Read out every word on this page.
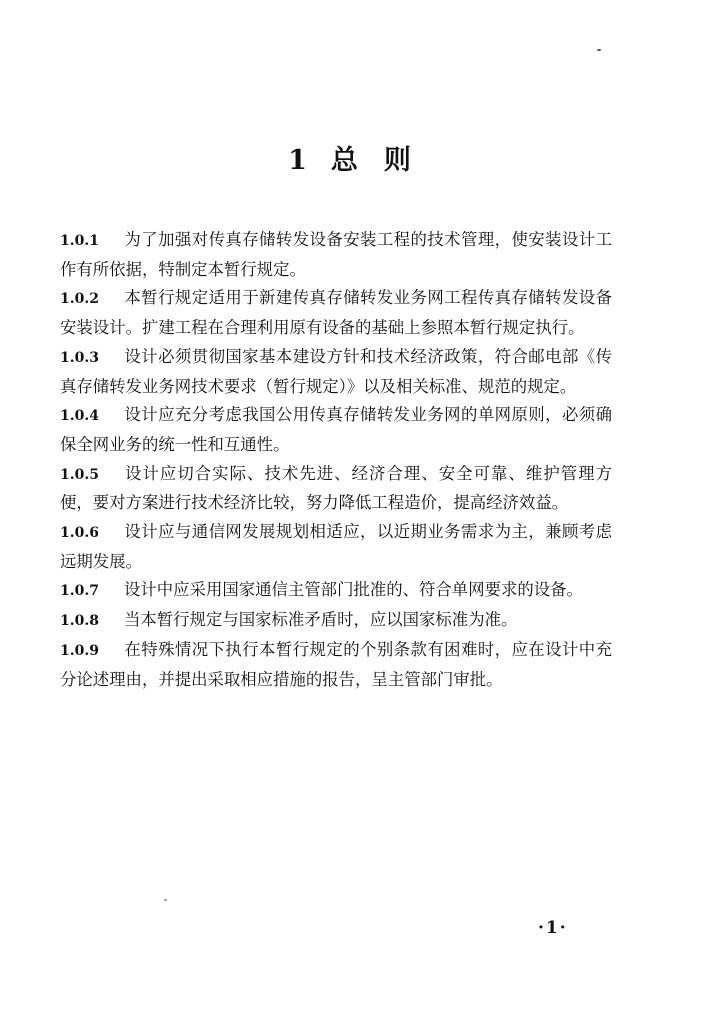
1 总 则

1.0.1 为了加强对传真存储转发设备安装工程的技术管理，使安装设计工作有所依据，特制定本暂行规定。

1.0.2 本暂行规定适用于新建传真存储转发业务网工程传真存储转发设备安装设计。扩建工程在合理利用原有设备的基础上参照本暂行规定执行。

1.0.3 设计必须贯彻国家基本建设方针和技术经济政策，符合邮电部《传真存储转发业务网技术要求（暂行规定）》以及相关标准、规范的规定。

1.0.4 设计应充分考虑我国公用传真存储转发业务网的单网原则，必须确保全网业务的统一性和互通性。

1.0.5 设计应切合实际、技术先进、经济合理、安全可靠、维护管理方便，要对方案进行技术经济比较，努力降低工程造价，提高经济效益。

1.0.6 设计应与通信网发展规划相适应，以近期业务需求为主，兼顾考虑远期发展。

1.0.7 设计中应采用国家通信主管部门批准的、符合单网要求的设备。

1.0.8 当本暂行规定与国家标准矛盾时，应以国家标准为准。

1.0.9 在特殊情况下执行本暂行规定的个别条款有困难时，应在设计中充分论述理由，并提出采取相应措施的报告，呈主管部门审批。

·1·
